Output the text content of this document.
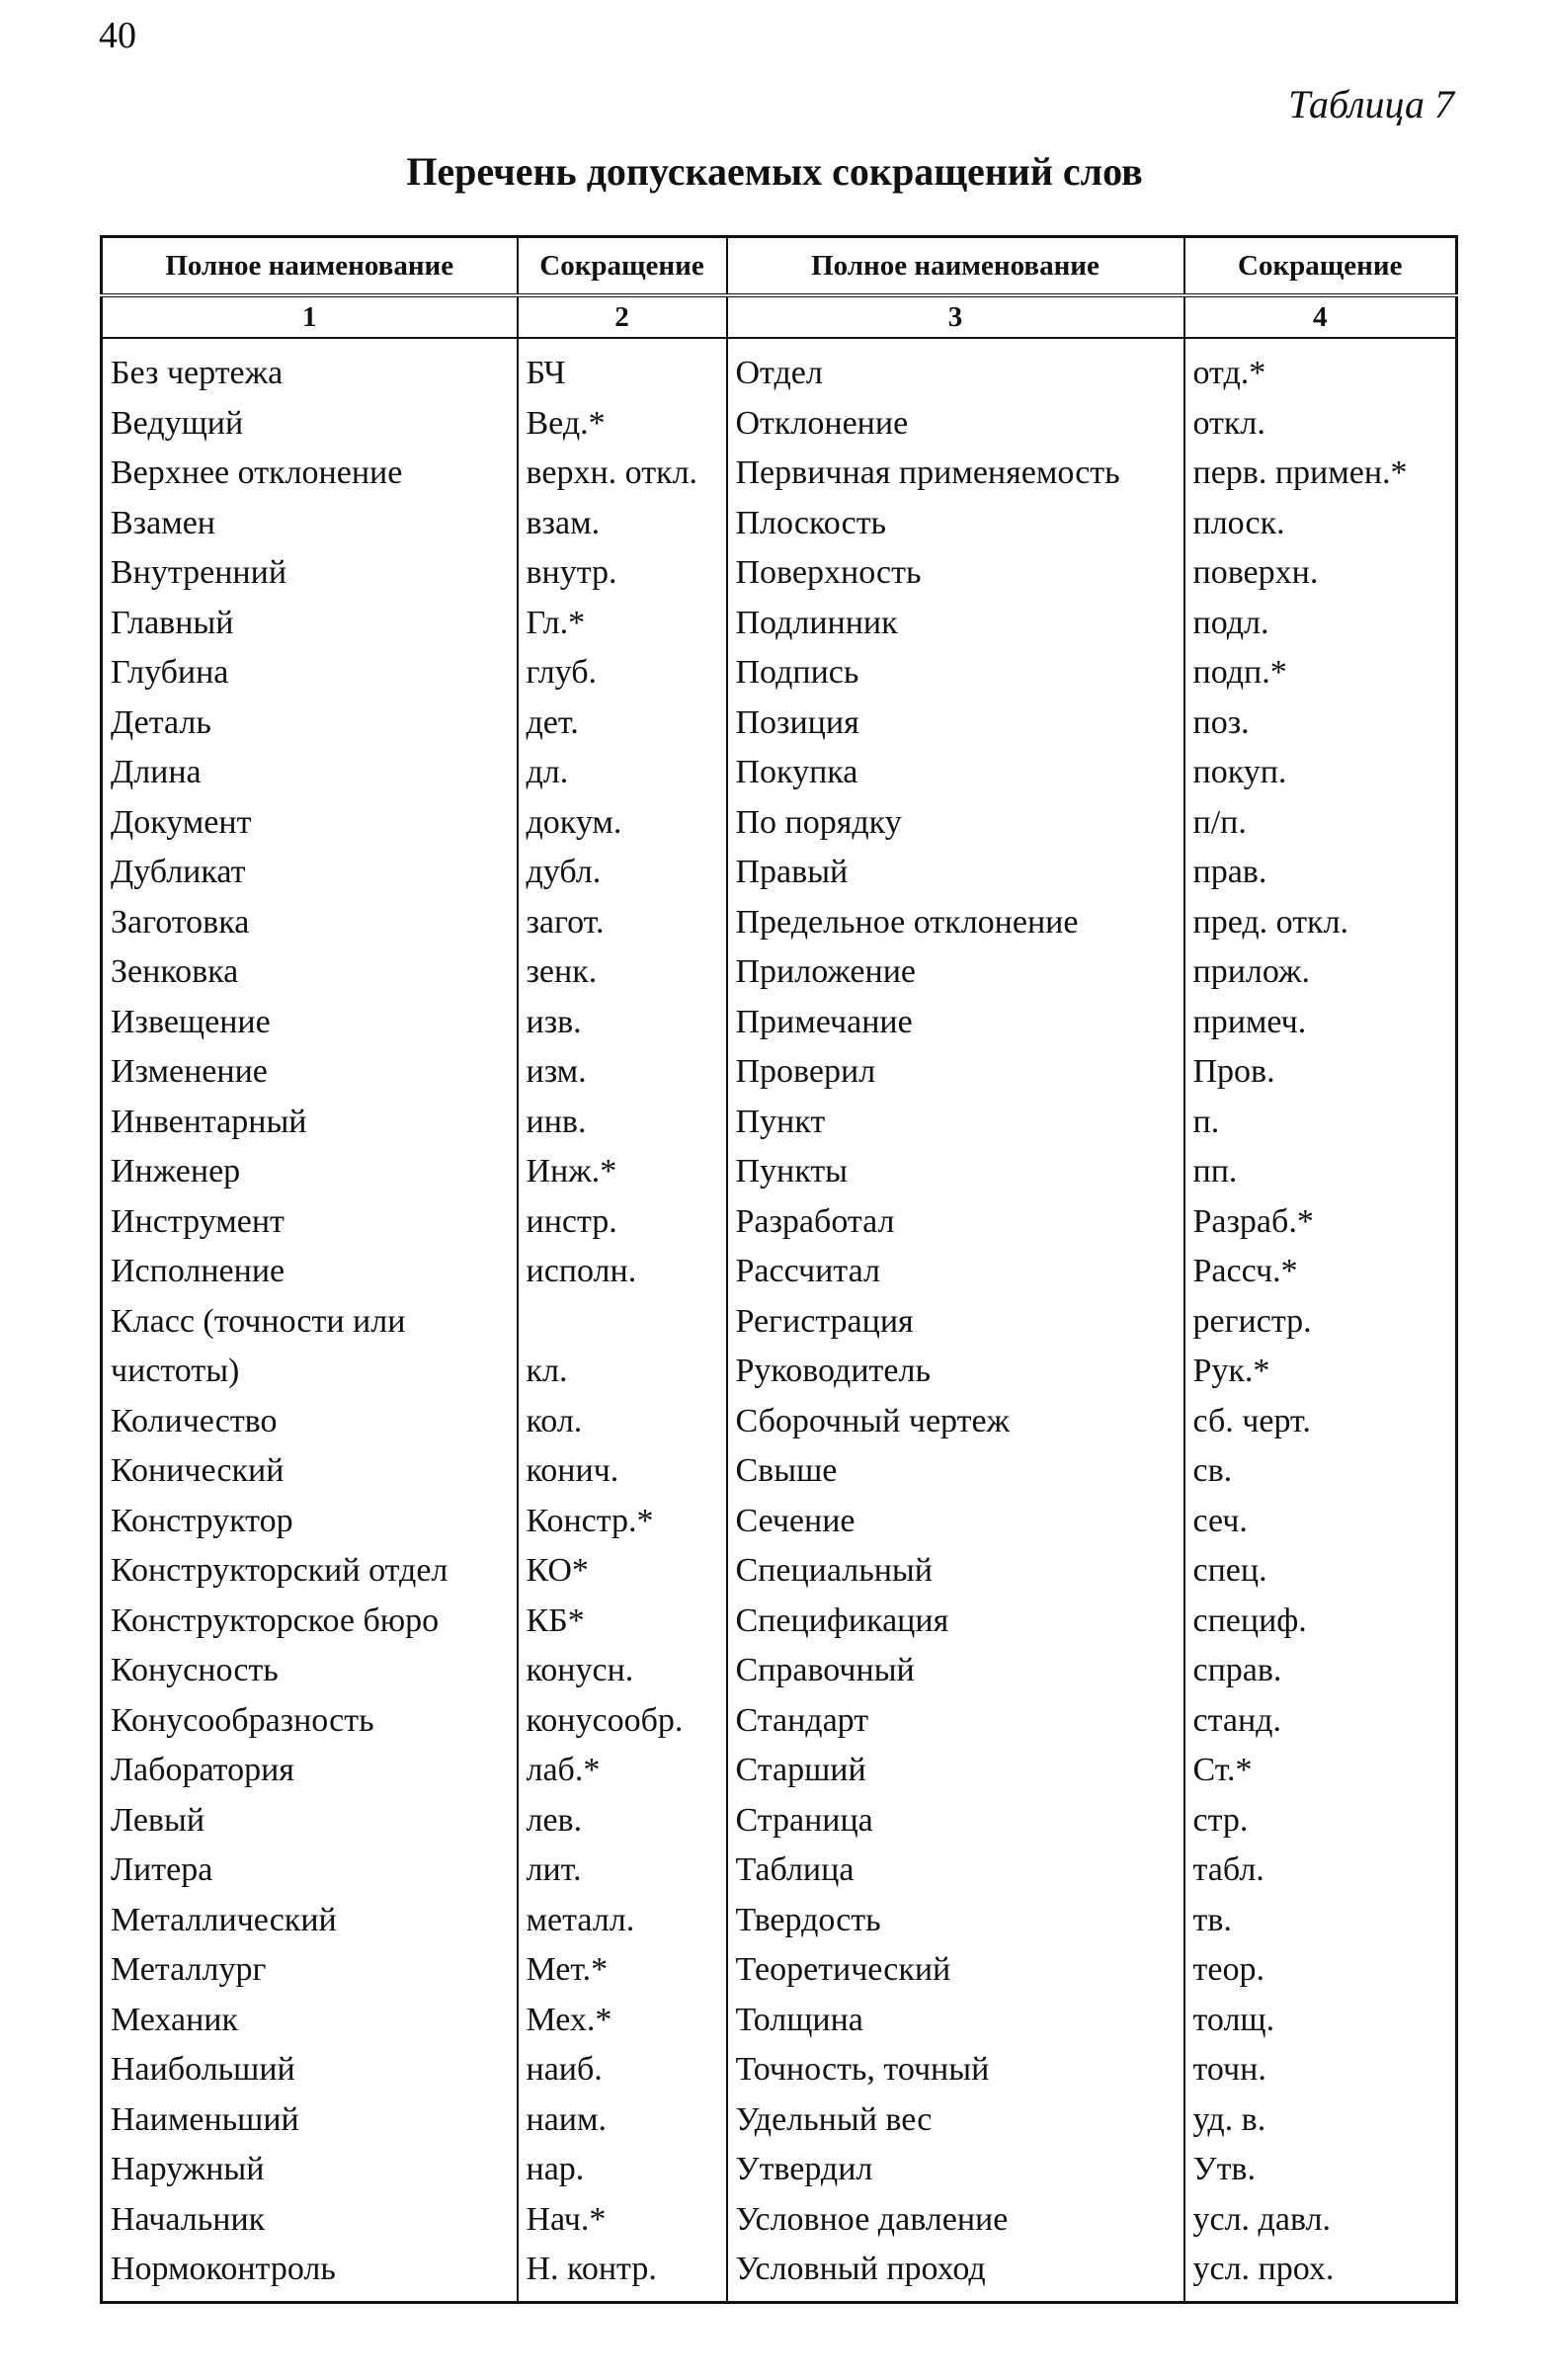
40
Таблица 7
Перечень допускаемых сокращений слов
Полное наименование	Сокращение	Полное наименование	Сокращение
1	2	3	4
Без чертежа	БЧ	Отдел	отд.*
Ведущий	Вед.*	Отклонение	откл.
Верхнее отклонение	верхн. откл.	Первичная применяемость	перв. примен.*
Взамен	взам.	Плоскость	плоск.
Внутренний	внутр.	Поверхность	поверхн.
Главный	Гл.*	Подлинник	подл.
Глубина	глуб.	Подпись	подп.*
Деталь	дет.	Позиция	поз.
Длина	дл.	Покупка	покуп.
Документ	докум.	По порядку	п/п.
Дубликат	дубл.	Правый	прав.
Заготовка	загот.	Предельное отклонение	пред. откл.
Зенковка	зенк.	Приложение	прилож.
Извещение	изв.	Примечание	примеч.
Изменение	изм.	Проверил	Пров.
Инвентарный	инв.	Пункт	п.
Инженер	Инж.*	Пункты	пп.
Инструмент	инстр.	Разработал	Разраб.*
Исполнение	исполн.	Рассчитал	Рассч.*
Класс (точности или		Регистрация	регистр.
чистоты)	кл.	Руководитель	Рук.*
Количество	кол.	Сборочный чертеж	сб. черт.
Конический	конич.	Свыше	св.
Конструктор	Констр.*	Сечение	сеч.
Конструкторский отдел	КО*	Специальный	спец.
Конструкторское бюро	КБ*	Спецификация	специф.
Конусность	конусн.	Справочный	справ.
Конусообразность	конусообр.	Стандарт	станд.
Лаборатория	лаб.*	Старший	Ст.*
Левый	лев.	Страница	стр.
Литера	лит.	Таблица	табл.
Металлический	металл.	Твердость	тв.
Металлург	Мет.*	Теоретический	теор.
Механик	Мех.*	Толщина	толщ.
Наибольший	наиб.	Точность, точный	точн.
Наименьший	наим.	Удельный вес	уд. в.
Наружный	нар.	Утвердил	Утв.
Начальник	Нач.*	Условное давление	усл. давл.
Нормоконтроль	Н. контр.	Условный проход	усл. прох.
